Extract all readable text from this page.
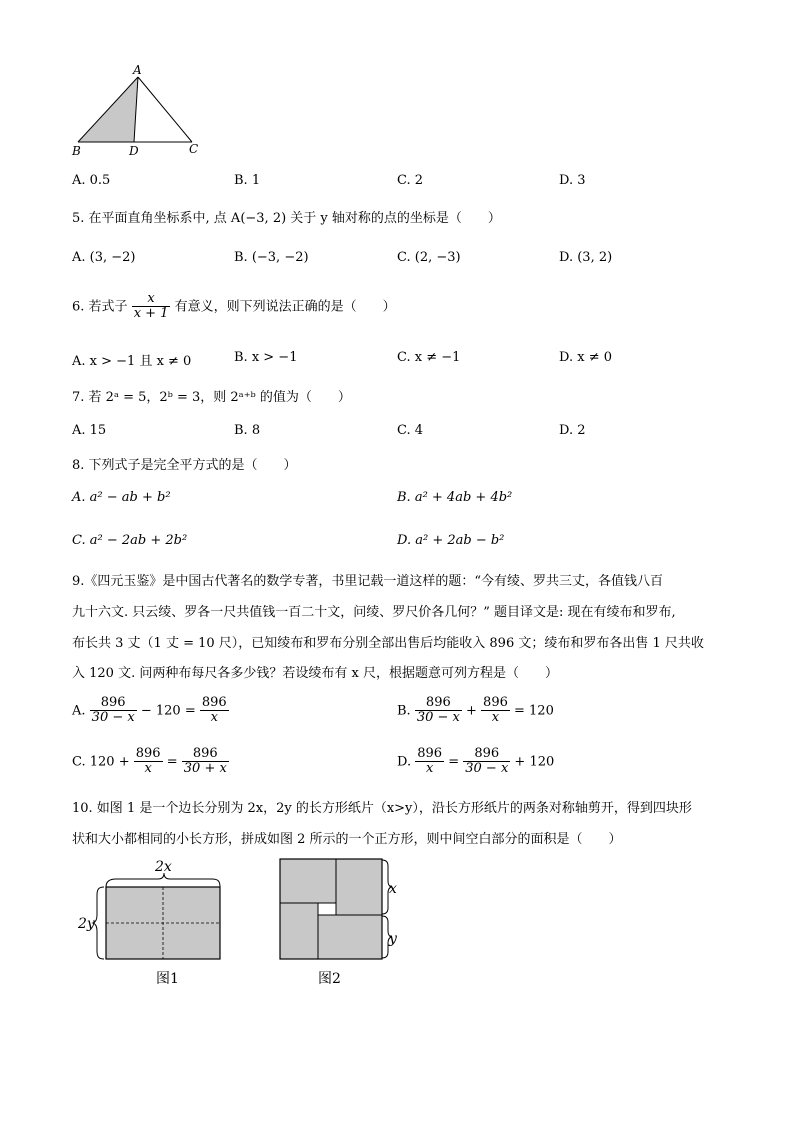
A
B	D	C
A. 0.5	B. 1	C. 2	D. 3
5. 在平面直角坐标系中, 点 A(−3, 2) 关于 y 轴对称的点的坐标是（　　）
A. (3, −2)	B. (−3, −2)	C. (2, −3)	D. (3, 2)
6. 若式子 $\frac{x}{x + 1}$ 有意义，则下列说法正确的是（　　）
A. x > −1 且 x ≠ 0	B. x > −1	C. x ≠ −1	D. x ≠ 0
7. 若 2ᵃ = 5，2ᵇ = 3，则 2ᵃ⁺ᵇ 的值为（　　）
A. 15	B. 8	C. 4	D. 2
8. 下列式子是完全平方式的是（　　）
A. a² − ab + b²	B. a² + 4ab + 4b²
C. a² − 2ab + 2b²	D. a² + 2ab − b²
9.《四元玉鉴》是中国古代著名的数学专著，书里记载一道这样的题：“今有绫、罗共三丈，各值钱八百
九十六文. 只云绫、罗各一尺共值钱一百二十文，问绫、罗尺价各几何？” 题目译文是: 现在有绫布和罗布,
布长共 3 丈（1 丈 = 10 尺），已知绫布和罗布分别全部出售后均能收入 896 文；绫布和罗布各出售 1 尺共收
入 120 文. 问两种布每尺各多少钱？若设绫布有 x 尺，根据题意可列方程是（　　）
A. $\frac{896}{30 - x} - 120 = \frac{896}{x}$	B. $\frac{896}{30 - x} + \frac{896}{x} = 120$
C. $120 + \frac{896}{x} = \frac{896}{30 + x}$	D. $\frac{896}{x} = \frac{896}{30 - x} + 120$
10. 如图 1 是一个边长分别为 2x，2y 的长方形纸片（x>y），沿长方形纸片的两条对称轴剪开，得到四块形
状和大小都相同的小长方形，拼成如图 2 所示的一个正方形，则中间空白部分的面积是（　　）
2x
2y
图1
x
y
图2
